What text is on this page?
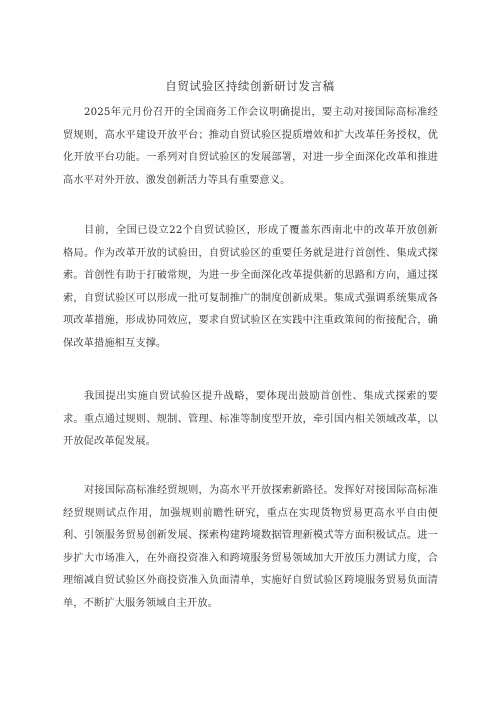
自贸试验区持续创新研讨发言稿

2025年元月份召开的全国商务工作会议明确提出，要主动对接国际高标准经贸规则，高水平建设开放平台；推动自贸试验区提质增效和扩大改革任务授权，优化开放平台功能。一系列对自贸试验区的发展部署，对进一步全面深化改革和推进高水平对外开放、激发创新活力等具有重要意义。

目前，全国已设立22个自贸试验区，形成了覆盖东西南北中的改革开放创新格局。作为改革开放的试验田，自贸试验区的重要任务就是进行首创性、集成式探索。首创性有助于打破常规，为进一步全面深化改革提供新的思路和方向，通过探索，自贸试验区可以形成一批可复制推广的制度创新成果。集成式强调系统集成各项改革措施，形成协同效应，要求自贸试验区在实践中注重政策间的衔接配合，确保改革措施相互支撑。

我国提出实施自贸试验区提升战略，要体现出鼓励首创性、集成式探索的要求。重点通过规则、规制、管理、标准等制度型开放，牵引国内相关领域改革，以开放促改革促发展。

对接国际高标准经贸规则，为高水平开放探索新路径。发挥好对接国际高标准经贸规则试点作用，加强规则前瞻性研究，重点在实现货物贸易更高水平自由便利、引领服务贸易创新发展、探索构建跨境数据管理新模式等方面积极试点。进一步扩大市场准入，在外商投资准入和跨境服务贸易领域加大开放压力测试力度，合理缩减自贸试验区外商投资准入负面清单，实施好自贸试验区跨境服务贸易负面清单，不断扩大服务领域自主开放。
